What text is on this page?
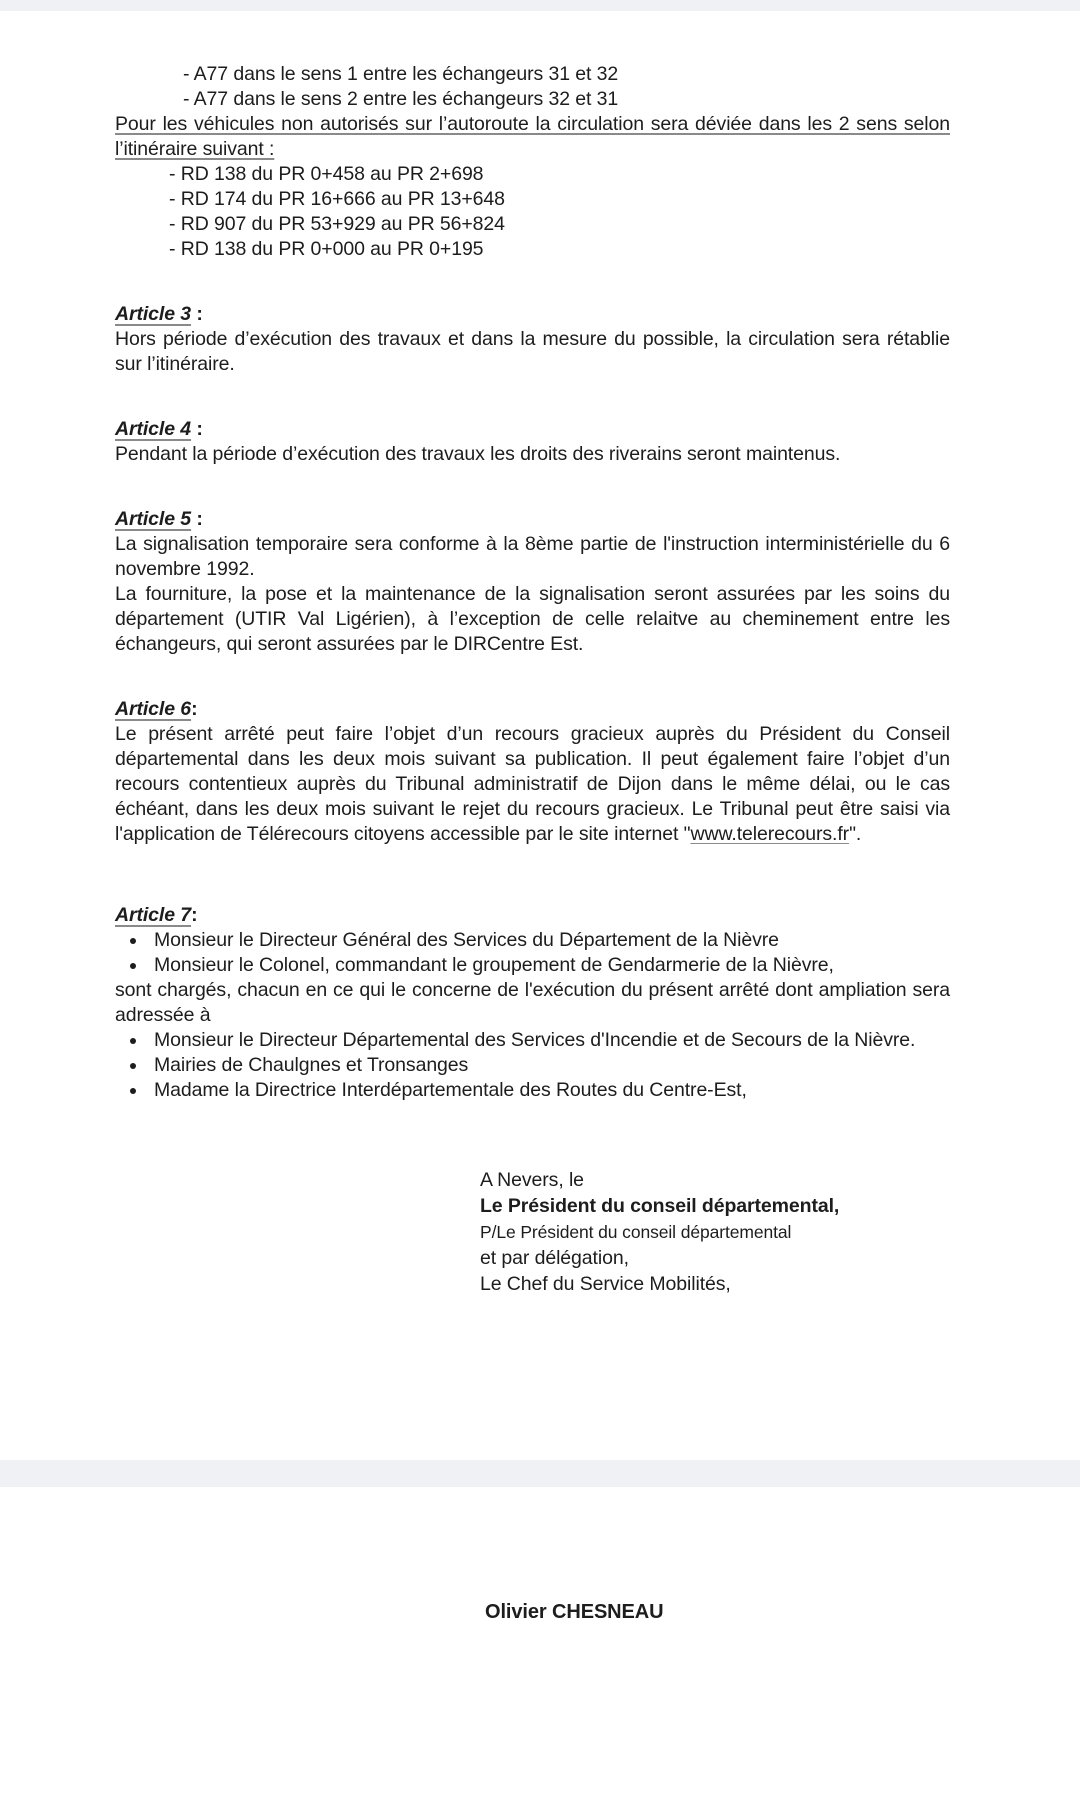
- A77 dans le sens 1 entre les échangeurs 31 et 32
- A77 dans le sens 2 entre les échangeurs 32 et 31

Pour les véhicules non autorisés sur l’autoroute la circulation sera déviée dans les 2 sens selon l’itinéraire suivant :

- RD 138 du PR 0+458 au PR 2+698
- RD 174 du PR 16+666 au PR 13+648
- RD 907 du PR 53+929 au PR 56+824
- RD 138 du PR 0+000 au PR 0+195
Article 3 :

Hors période d’exécution des travaux et dans la mesure du possible, la circulation sera rétablie sur l’itinéraire.

Article 4 :

Pendant la période d’exécution des travaux les droits des riverains seront maintenus.

Article 5 :

La signalisation temporaire sera conforme à la 8ème partie de l'instruction interministérielle du 6 novembre 1992.

La fourniture, la pose et la maintenance de la signalisation seront assurées par les soins du département (UTIR Val Ligérien), à l’exception de celle relaitve au cheminement entre les échangeurs, qui seront assurées par le DIRCentre Est.

Article 6:

Le présent arrêté peut faire l’objet d’un recours gracieux auprès du Président du Conseil départemental dans les deux mois suivant sa publication. Il peut également faire l’objet d’un recours contentieux auprès du Tribunal administratif de Dijon dans le même délai, ou le cas échéant, dans les deux mois suivant le rejet du recours gracieux. Le Tribunal peut être saisi via l'application de Télérecours citoyens accessible par le site internet "www.telerecours.fr".

Article 7:
• Monsieur le Directeur Général des Services du Département de la Nièvre
• Monsieur le Colonel, commandant le groupement de Gendarmerie de la Nièvre,

sont chargés, chacun en ce qui le concerne de l'exécution du présent arrêté dont ampliation sera adressée à

• Monsieur le Directeur Départemental des Services d'Incendie et de Secours de la Nièvre.
• Mairies de Chaulgnes et Tronsanges
• Madame la Directrice Interdépartementale des Routes du Centre-Est,
A Nevers, le
Le Président du conseil départemental,
P/Le Président du conseil départemental
et par délégation,
Le Chef du Service Mobilités,
Olivier CHESNEAU
